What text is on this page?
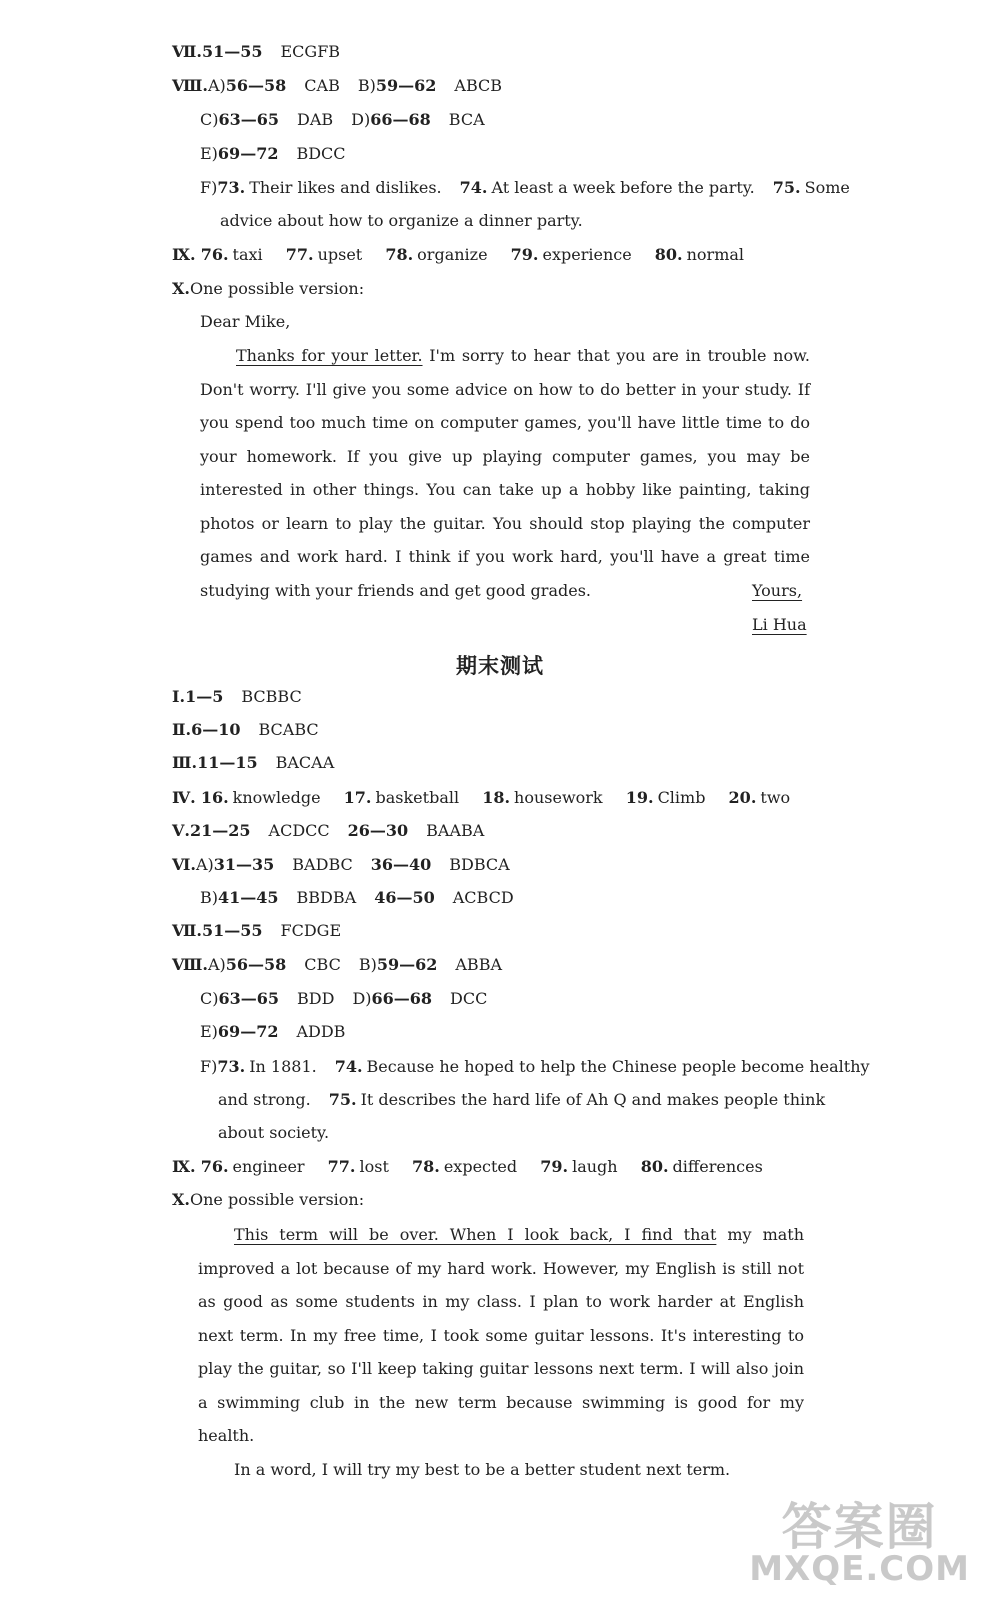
Ⅶ.51—55 ECGFB
Ⅷ.A)56—58 CAB B)59—62 ABCB
C)63—65 DAB D)66—68 BCA
E)69—72 BDCC
F)73. Their likes and dislikes. 74. At least a week before the party. 75. Some
advice about how to organize a dinner party.
Ⅸ. 76. taxi 77. upset 78. organize 79. experience 80. normal
Ⅹ.One possible version:
Dear Mike,

Thanks for your letter. I'm sorry to hear that you are in trouble now. Don't worry. I'll give you some advice on how to do better in your study. If you spend too much time on computer games, you'll have little time to do your homework. If you give up playing computer games, you may be interested in other things. You can take up a hobby like painting, taking photos or learn to play the guitar. You should stop playing the computer games and work hard. I think if you work hard, you'll have a great time studying with your friends and get good grades.	Yours,
Li Hua
期末测试
Ⅰ.1—5 BCBBC
Ⅱ.6—10 BCABC
Ⅲ.11—15 BACAA
Ⅳ. 16. knowledge 17. basketball 18. housework 19. Climb 20. two
Ⅴ.21—25 ACDCC 26—30 BAABA
Ⅵ.A)31—35 BADBC 36—40 BDBCA
B)41—45 BBDBA 46—50 ACBCD
Ⅶ.51—55 FCDGE
Ⅷ.A)56—58 CBC B)59—62 ABBA
C)63—65 BDD D)66—68 DCC
E)69—72 ADDB
F)73. In 1881. 74. Because he hoped to help the Chinese people become healthy
and strong. 75. It describes the hard life of Ah Q and makes people think
about society.
Ⅸ. 76. engineer 77. lost 78. expected 79. laugh 80. differences
Ⅹ.One possible version:

This term will be over. When I look back, I find that my math improved a lot because of my hard work. However, my English is still not as good as some students in my class. I plan to work harder at English next term. In my free time, I took some guitar lessons. It's interesting to play the guitar, so I'll keep taking guitar lessons next term. I will also join a swimming club in the new term because swimming is good for my health.

In a word, I will try my best to be a better student next term.

答案圈
MXQE.COM
